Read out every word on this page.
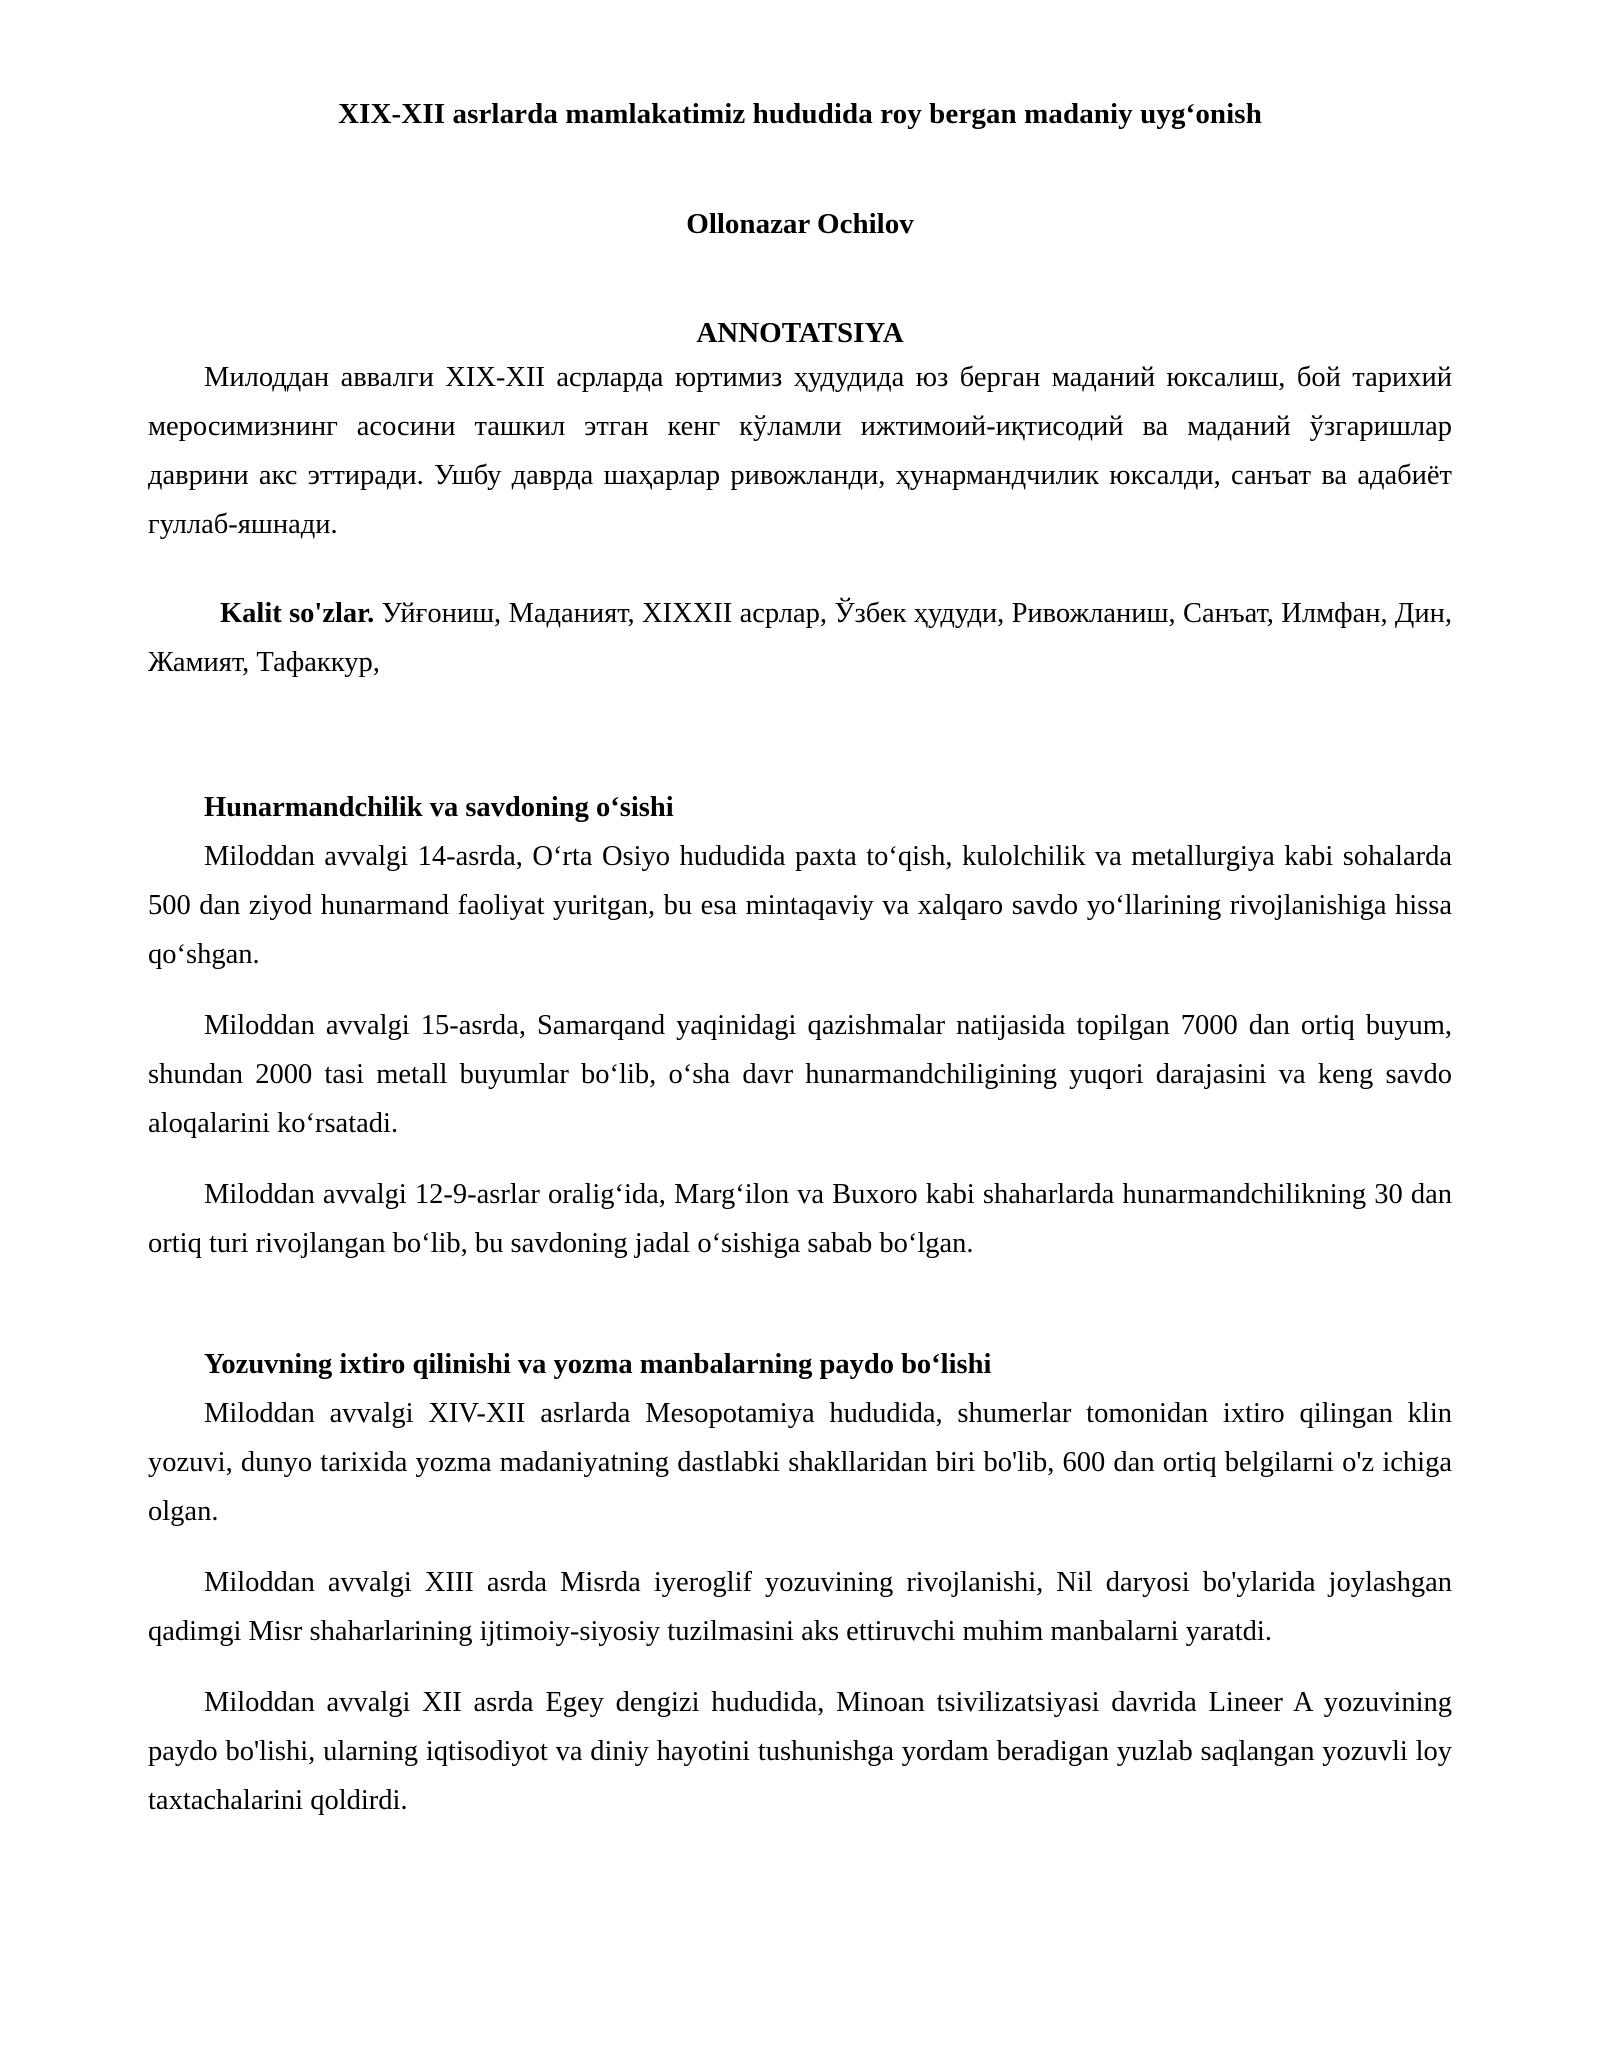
XIX-XII asrlarda mamlakatimiz hududida roy bergan madaniy uyg‘onish
Ollonazar Ochilov
ANNOTATSIYA

Милоддан аввалги XIX-XII асрларда юртимиз ҳудудида юз берган маданий юксалиш, бой тарихий меросимизнинг асосини ташкил этган кенг кўламли ижтимоий-иқтисодий ва маданий ўзгаришлар даврини акс эттиради. Ушбу даврда шаҳарлар ривожланди, ҳунармандчилик юксалди, санъат ва адабиёт гуллаб-яшнади.

Kalit so'zlar. Уйғониш, Маданият, XIXXII асрлар, Ўзбек ҳудуди, Ривожланиш, Санъат, Илмфан, Дин, Жамият, Тафаккур,

Hunarmandchilik va savdoning o‘sishi

Miloddan avvalgi 14-asrda, O‘rta Osiyo hududida paxta to‘qish, kulolchilik va metallurgiya kabi sohalarda 500 dan ziyod hunarmand faoliyat yuritgan, bu esa mintaqaviy va xalqaro savdo yo‘llarining rivojlanishiga hissa qo‘shgan.

Miloddan avvalgi 15-asrda, Samarqand yaqinidagi qazishmalar natijasida topilgan 7000 dan ortiq buyum, shundan 2000 tasi metall buyumlar bo‘lib, o‘sha davr hunarmandchiligining yuqori darajasini va keng savdo aloqalarini ko‘rsatadi.

Miloddan avvalgi 12-9-asrlar oralig‘ida, Marg‘ilon va Buxoro kabi shaharlarda hunarmandchilikning 30 dan ortiq turi rivojlangan bo‘lib, bu savdoning jadal o‘sishiga sabab bo‘lgan.

Yozuvning ixtiro qilinishi va yozma manbalarning paydo bo‘lishi

Miloddan avvalgi XIV-XII asrlarda Mesopotamiya hududida, shumerlar tomonidan ixtiro qilingan klin yozuvi, dunyo tarixida yozma madaniyatning dastlabki shakllaridan biri bo'lib, 600 dan ortiq belgilarni o'z ichiga olgan.

Miloddan avvalgi XIII asrda Misrda iyeroglif yozuvining rivojlanishi, Nil daryosi bo'ylarida joylashgan qadimgi Misr shaharlarining ijtimoiy-siyosiy tuzilmasini aks ettiruvchi muhim manbalarni yaratdi.

Miloddan avvalgi XII asrda Egey dengizi hududida, Minoan tsivilizatsiyasi davrida Lineer A yozuvining paydo bo'lishi, ularning iqtisodiyot va diniy hayotini tushunishga yordam beradigan yuzlab saqlangan yozuvli loy taxtachalarini qoldirdi.
